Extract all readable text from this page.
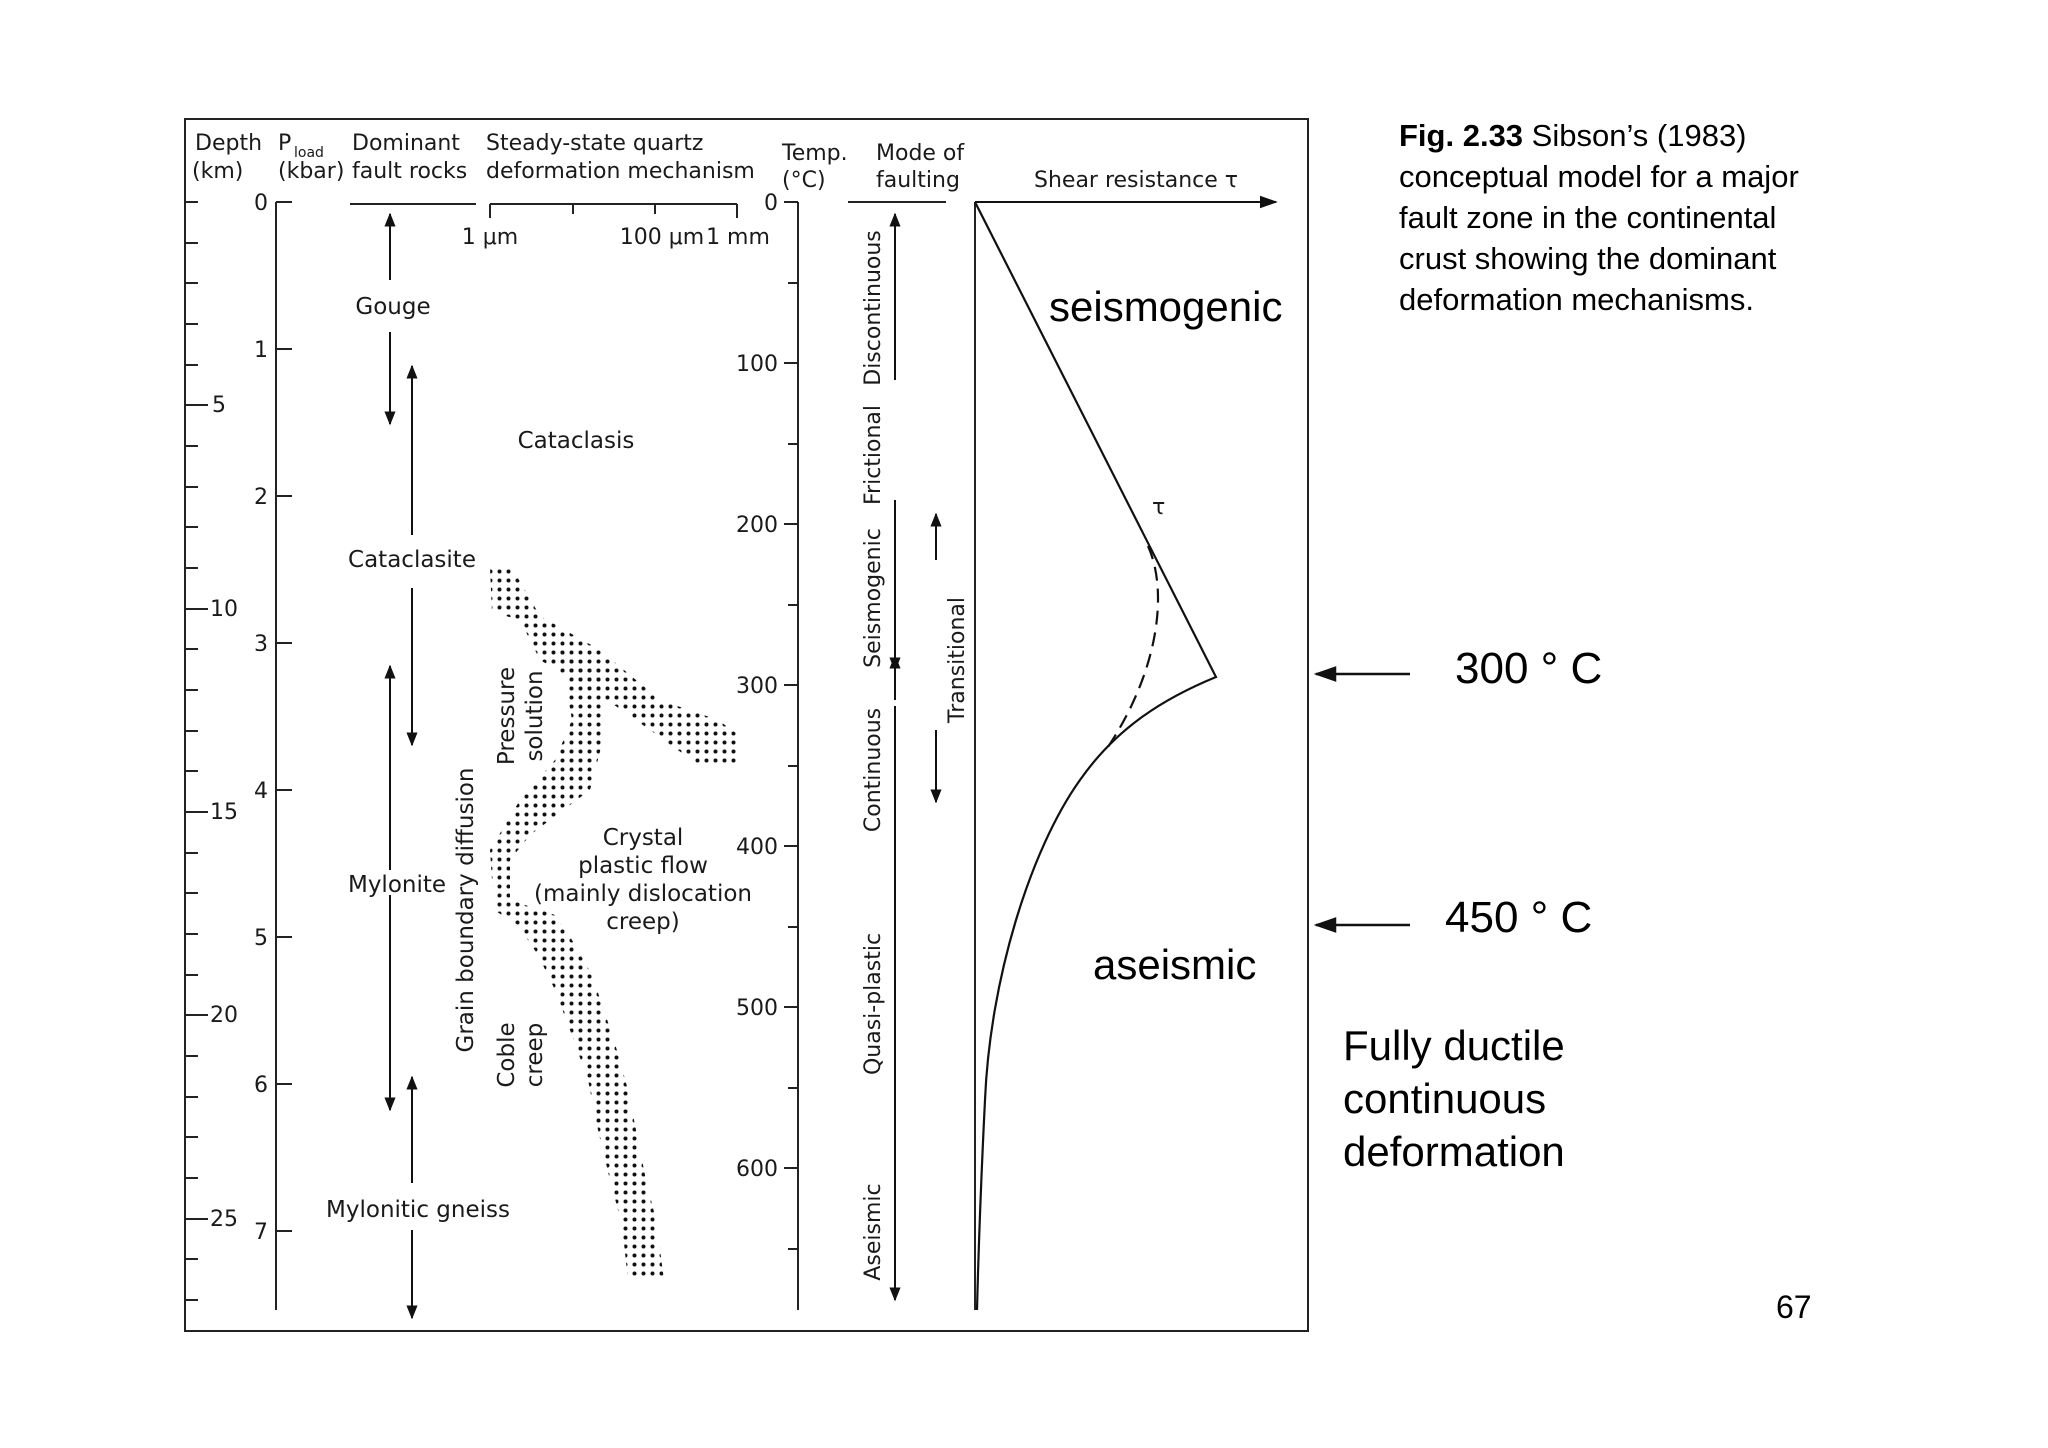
Depth
(km)
P load
(kbar)
Dominant
fault rocks
Steady-state quartz
deformation mechanism
Temp.
(°C)
Mode of
faulting	Shear resistance τ
5
10
15
20
25
0
1
2
3
4
5
6
7
Gouge
Cataclasite
Mylonite
Mylonitic gneiss
1 μm	100 μm 1 mm
Cataclasis
Pressure solution
Crystal
plastic flow
(mainly dislocation
creep)
Grain boundary diffusion
Coble creep
0
100
200
300
400
500
600
Discontinuous
Frictional
Seismogenic	Transitional
Continuous
Quasi-plastic
Aseismic
τ
seismogenic
aseismic
300 ° C
450 ° C
Fully ductile
continuous
deformation
Fig. 2.33 Sibson’s (1983)
conceptual model for a major
fault zone in the continental
crust showing the dominant
deformation mechanisms.
67
